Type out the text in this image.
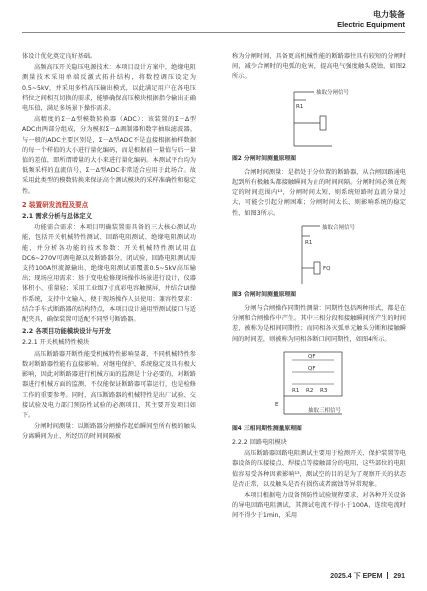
电力装备
Electric Equipment

体设计优化奠定良好基础。

高频高压开关隐压电源技术：本项目设计方案中，绝缘电阻测量技术采用单端反激式拓扑结构，将数控调压设定为0.5~5kV，并采用多档高压输出模式，以此满足用户在各电压档位之间相互切换的需求，能够确保高压模块根据指令输出正确电压值，满足多场景下操作需求。

高精度的Σ－Δ型模数转换器（ADC）：该装置的Σ－Δ型ADC由两部分组成，分为模拟Σ－Δ调制器和数字抽取滤波器。与一般的ADC主要区别是，Σ－Δ型ADC不是直接根据抽样数据的每一个样值的大小进行量化编码，而是根据前一量值与后一量值的差值，即所谓增量的大小来进行量化编码。本测试平台均为低频采样的直流信号，Σ－Δ型ADC非常适合应用于此场合。故采用此类型的模数转换来保证高个测试模块的采样准确性和稳定性。

2 装置研发流程及要点
2.1 需求分析与总体定义

功能需合需求：本项目明确装置需具备的三大核心测试功能，包括开关机械特性测试、回路电阻测试、绝缘电阻测试功能，并分析各功能的技术参数：开关机械特性测试用直DC6~270V可调电源以及断路器分、闭试验，回路电阻测试需支持100A恒流源输出，绝缘电阻测试需覆盖0.5~5kV高压输出；现场应用需求：基于变电检修现场操作场景进行设计，仪器体积小、重量轻；采用工业级7寸真彩电容触摸屏，并结合UI操作系统，支持中文输入，便于现场操作人员使用；兼容性要求：结合手车式断路器的结构特点，本项目设计通用型测试接口与适配夹具，确保装置可适配不同型号断路器。

2.2 各项目功能模块设计与开发
2.2.1 开关机械特性模块

高压断路器开断性能受机械特性影响显著，不同机械特性参数对断路器性能有直接影响。对继电保护、系统稳定及具有极大影响，因此对断路器进行机械方面的监测是十分必要的，对断路器进行机械方面的监测，不仅能保证断路器可靠运行，也是检修工作的重要参考。同时，高压断路器的机械特性是出厂试验、交接试验及电力部门预防性试验的必测项目，其主要开发项目如下。

分闸时间测量：以断路器分闸操作起始瞬间至所有极的触头分离瞬间为止，所经历的时间间隔被

称为分闸时间，具备更高机械性能的断路器往具有较短的分闸时间，减少合闸时的电弧的危害，提高电气强度触头烧蚀，如图2所示。

抽取分闸信号
R1
图2 分闸时间测量原理图

合闸时间测量：是指处于分位置的断路器，从合闸回路通电起到所有极触头都接触瞬间为止的时间间隔。分闸时间必须在规定的时间范围内¹³，分闸时间太短，则系统短路时直流分量过大，可能会引起分闸困难；分闸时间太长，则影响系统的稳定性，如图3所示。

抽取合闸信号
R1
FQ
图3 合闸时间测量原理图

分闸与合闸操作同期性测量：同期性包括两种形式，都是在分闸和合闸操作中产生。其中三相分段和接触瞬间所产生的时间差，被称为是相间同期性；而同相各灭弧单元触头分断和接触瞬间的时间差，则被称为同相各断口间同期性，如图4所示。

QF
QF
R1 R2 R3
E
抽取三相信号
图4 三相同期性测量原理图
2.2.2 回路电阻模块

高压断路器回路电阻测试主要用于检测开关、保护装置等电器设备的压接接点、焊接点等接触部分的电阻，这些部位的电阻值容易受各种因素影响¹³，测试空的目的是为了观察开关的状态是否正常，以及触头是否有损伤或者腐蚀等异常现象。

本项目根据电力设备预防性试验规程要求，对各种开关设备的导电回路电阻测试，其测试电流不得小于100A，连续电流时间不得少于1min，采用

2025.4 下 EPEM 291
